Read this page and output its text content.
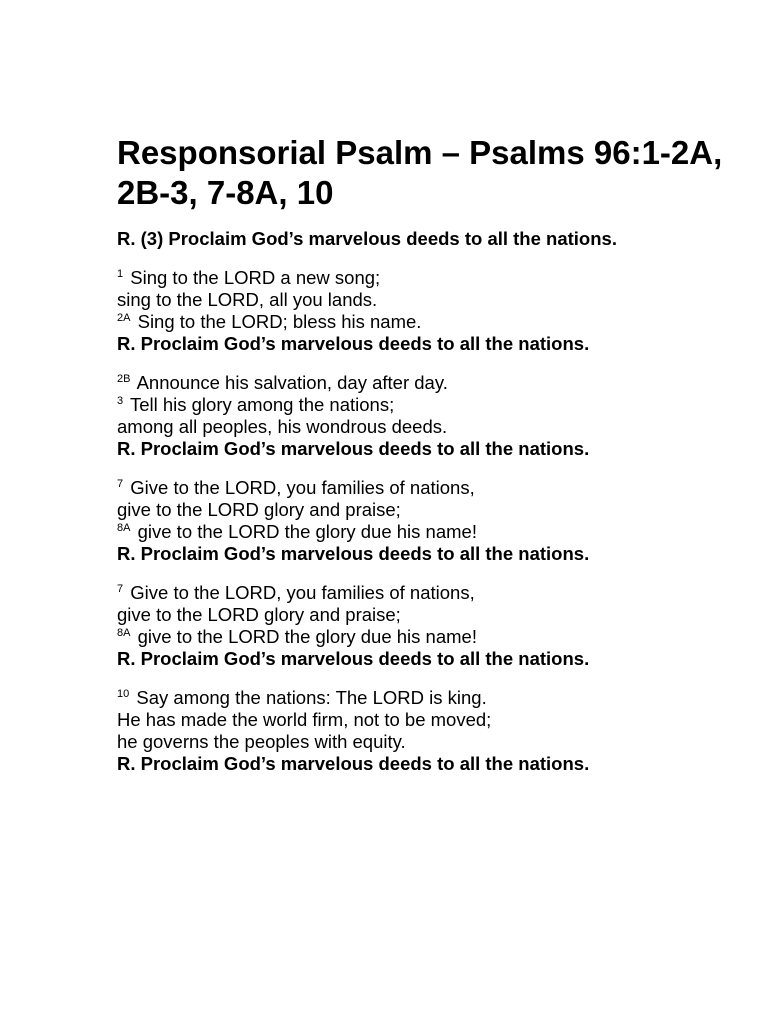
Responsorial Psalm – Psalms 96:1-2A, 2B-3, 7-8A, 10

R. (3) Proclaim God’s marvelous deeds to all the nations.

$^1$ Sing to the LORD a new song;
sing to the LORD, all you lands.
$^{2A}$ Sing to the LORD; bless his name.
R. Proclaim God’s marvelous deeds to all the nations.
$^{2B}$ Announce his salvation, day after day.
$^3$ Tell his glory among the nations;
among all peoples, his wondrous deeds.
R. Proclaim God’s marvelous deeds to all the nations.
$^7$ Give to the LORD, you families of nations,
give to the LORD glory and praise;
$^{8A}$ give to the LORD the glory due his name!
R. Proclaim God’s marvelous deeds to all the nations.
$^7$ Give to the LORD, you families of nations,
give to the LORD glory and praise;
$^{8A}$ give to the LORD the glory due his name!
R. Proclaim God’s marvelous deeds to all the nations.
$^{10}$ Say among the nations: The LORD is king.
He has made the world firm, not to be moved;
he governs the peoples with equity.
R. Proclaim God’s marvelous deeds to all the nations.
